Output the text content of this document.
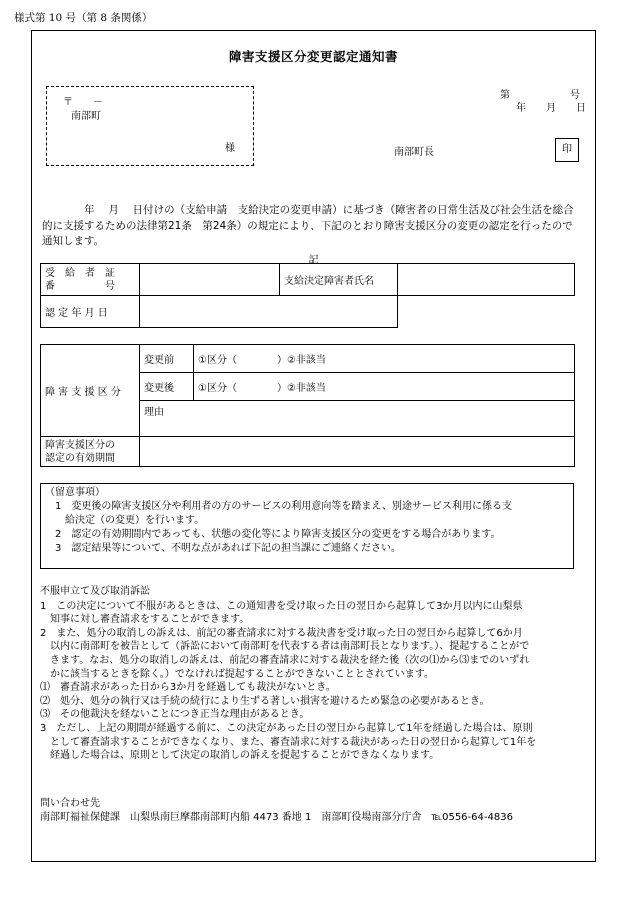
様式第 10 号（第 8 条関係）
障害支援区分変更認定通知書
〒　　－
南部町
様
第	号
年　　月　　日
南部町長	印
年　 月　 日付けの（支給申請　支給決定の変更申請）に基づき（障害者の日常生活及び社会生活を総合的に支援するための法律第21条　第24条）の規定により、下記のとおり障害支援区分の変更の認定を行ったので通知します。
記
受　給　者　証
番　　　　　号		支給決定障害者氏名	
認 定 年 月 日			
障 害 支 援 区 分	変更前	①区分（　　　　）②非該当
	変更後	①区分（　　　　）②非該当
	理由	

障害支援区分の
認定の有効期間		

（留意事項）

1　変更後の障害支援区分や利用者の方のサービスの利用意向等を踏まえ、別途サービス利用に係る支

　給決定（の変更）を行います。

2　認定の有効期間内であっても、状態の変化等により障害支援区分の変更をする場合があります。

3　認定結果等について、不明な点があれば下記の担当課にご連絡ください。

不服申立て及び取消訴訟

1　この決定について不服があるときは、この通知書を受け取った日の翌日から起算して3か月以内に山梨県

　知事に対し審査請求をすることができます。

2　また、処分の取消しの訴えは、前記の審査請求に対する裁決書を受け取った日の翌日から起算して6か月

　以内に南部町を被告として（訴訟において南部町を代表する者は南部町長となります。）、提起することがで

　きます。なお、処分の取消しの訴えは、前記の審査請求に対する裁決を経た後（次の⑴から⑶までのいずれ

　かに該当するときを除く。）でなければ提起することができないこととされています。

⑴　審査請求があった日から3か月を経過しても裁決がないとき。

⑵　処分、処分の執行又は手続の続行により生ずる著しい損害を避けるため緊急の必要があるとき。

⑶　その他裁決を経ないことにつき正当な理由があるとき。

3　ただし、上記の期間が経過する前に、この決定があった日の翌日から起算して1年を経過した場合は、原則

　として審査請求することができなくなり、また、審査請求に対する裁決があった日の翌日から起算して1年を

　経過した場合は、原則として決定の取消しの訴えを提起することができなくなります。

問い合わせ先

南部町福祉保健課　山梨県南巨摩郡南部町内船 4473 番地 1　南部町役場南部分庁舎　℡0556-64-4836
